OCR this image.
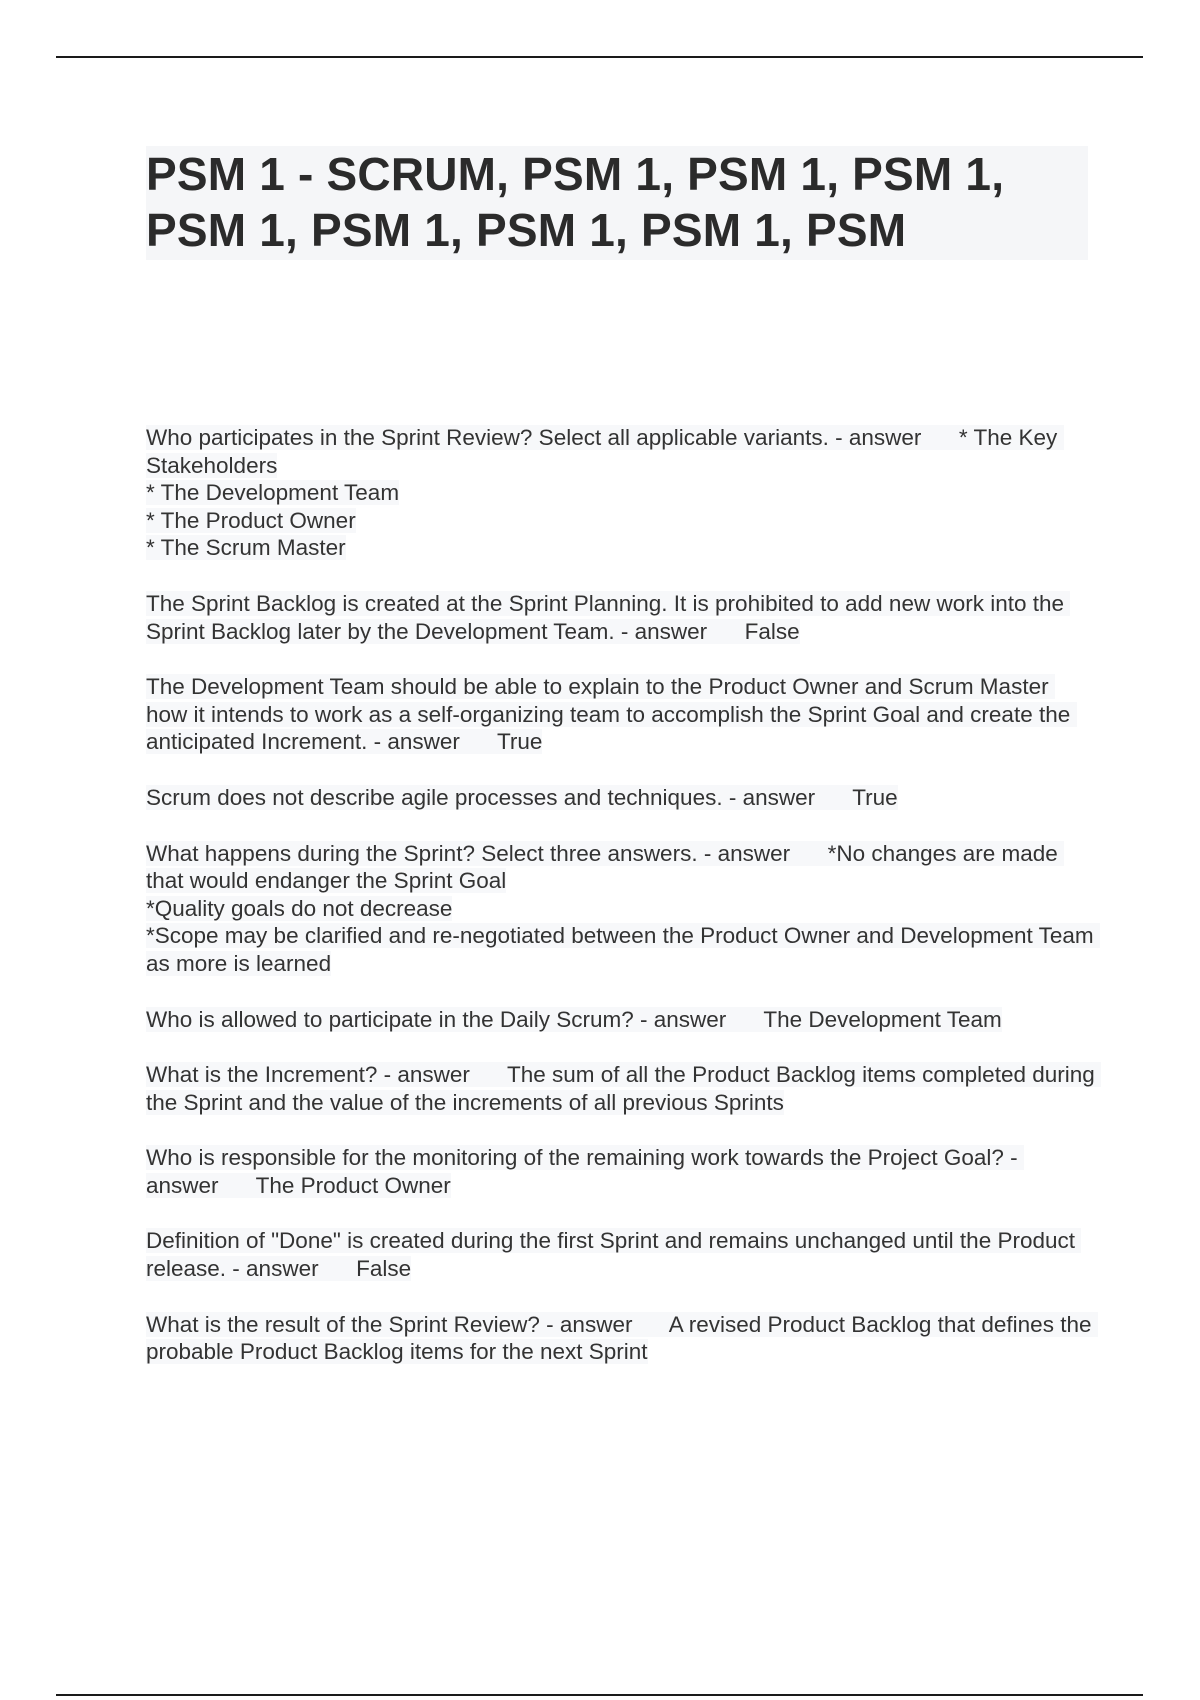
PSM 1 - SCRUM, PSM 1, PSM 1, PSM 1, PSM 1, PSM 1, PSM 1, PSM 1, PSM
Who participates in the Sprint Review? Select all applicable variants. - answer      * The Key Stakeholders
* The Development Team
* The Product Owner
* The Scrum Master
The Sprint Backlog is created at the Sprint Planning. It is prohibited to add new work into the Sprint Backlog later by the Development Team. - answer      False
The Development Team should be able to explain to the Product Owner and Scrum Master how it intends to work as a self-organizing team to accomplish the Sprint Goal and create the anticipated Increment. - answer      True
Scrum does not describe agile processes and techniques. - answer      True
What happens during the Sprint? Select three answers. - answer      *No changes are made that would endanger the Sprint Goal
*Quality goals do not decrease
*Scope may be clarified and re-negotiated between the Product Owner and Development Team as more is learned
Who is allowed to participate in the Daily Scrum? - answer      The Development Team
What is the Increment? - answer      The sum of all the Product Backlog items completed during the Sprint and the value of the increments of all previous Sprints
Who is responsible for the monitoring of the remaining work towards the Project Goal? - answer      The Product Owner
Definition of "Done" is created during the first Sprint and remains unchanged until the Product release. - answer      False
What is the result of the Sprint Review? - answer      A revised Product Backlog that defines the probable Product Backlog items for the next Sprint
